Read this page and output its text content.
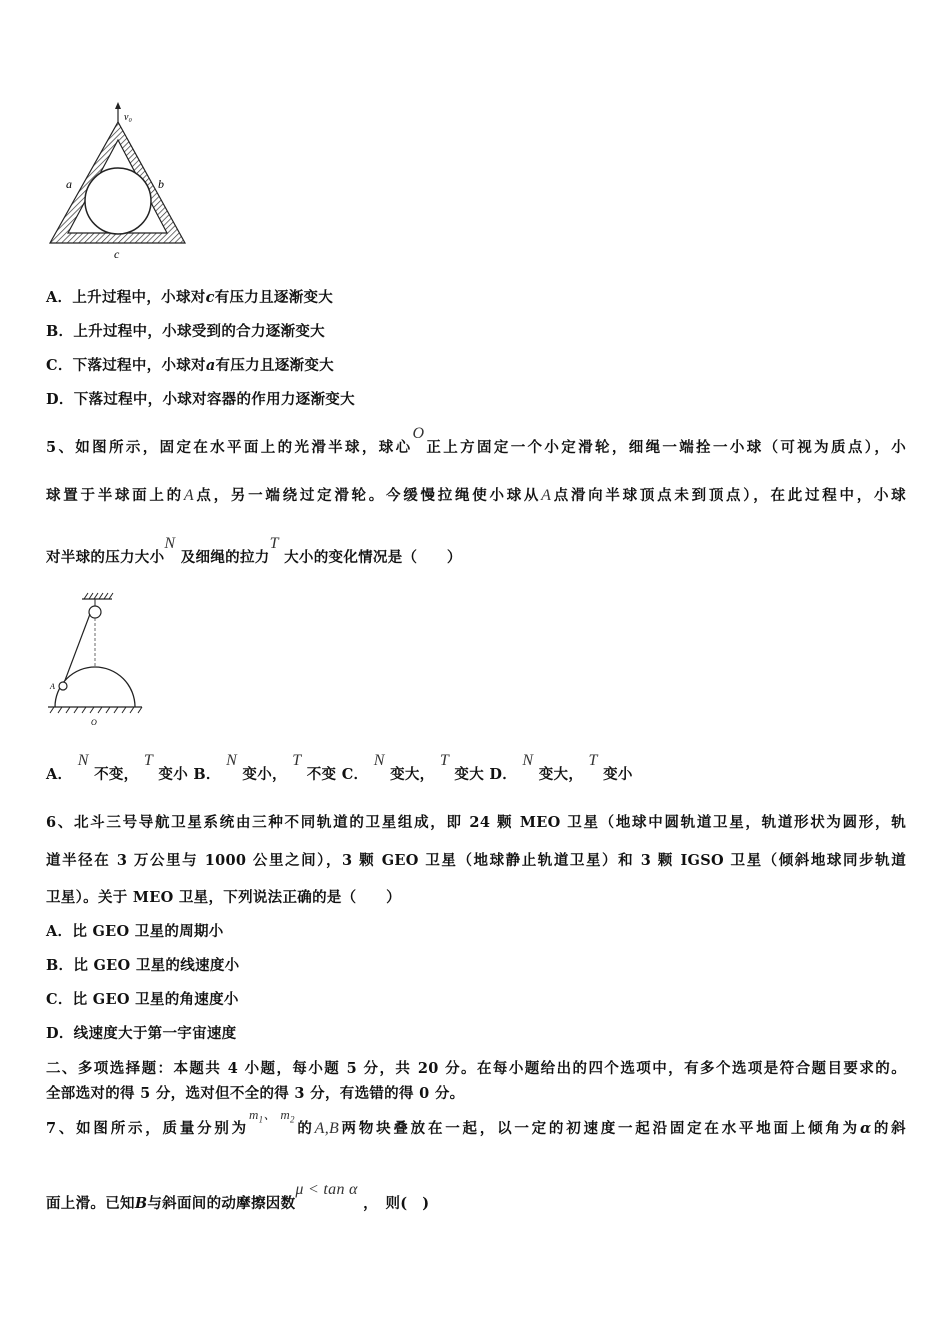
v₀
a	b
c
A．上升过程中，小球对c有压力且逐渐变大
B．上升过程中，小球受到的合力逐渐变大
C．下落过程中，小球对a有压力且逐渐变大
D．下落过程中，小球对容器的作用力逐渐变大
5、如图所示，固定在水平面上的光滑半球，球心O正上方固定一个小定滑轮，细绳一端拴一小球（可视为质点），小
球置于半球面上的A点，另一端绕过定滑轮。今缓慢拉绳使小球从A点滑向半球顶点未到顶点），在此过程中，小球
对半球的压力大小N 及细绳的拉力T 大小的变化情况是（　　）
A
O
A． N 不变， T 变小 B． N 变小， T 不变 C． N 变大， T 变大 D． N 变大， T 变小
6、北斗三号导航卫星系统由三种不同轨道的卫星组成，即 24 颗 MEO 卫星（地球中圆轨道卫星，轨道形状为圆形，轨
道半径在 3 万公里与 1000 公里之间），3 颗 GEO 卫星（地球静止轨道卫星）和 3 颗 IGSO 卫星（倾斜地球同步轨道
卫星）。关于 MEO 卫星，下列说法正确的是（　　）
A．比 GEO 卫星的周期小
B．比 GEO 卫星的线速度小
C．比 GEO 卫星的角速度小
D．线速度大于第一宇宙速度
二、多项选择题：本题共 4 小题，每小题 5 分，共 20 分。在每小题给出的四个选项中，有多个选项是符合题目要求的。
全部选对的得 5 分，选对但不全的得 3 分，有选错的得 0 分。
7、如图所示，质量分别为$m_1$、 $m_2$的A,B两物块叠放在一起，以一定的初速度一起沿固定在水平地面上倾角为α的斜
面上滑。已知B与斜面间的动摩擦因数μ < tan α ，　则(　)
